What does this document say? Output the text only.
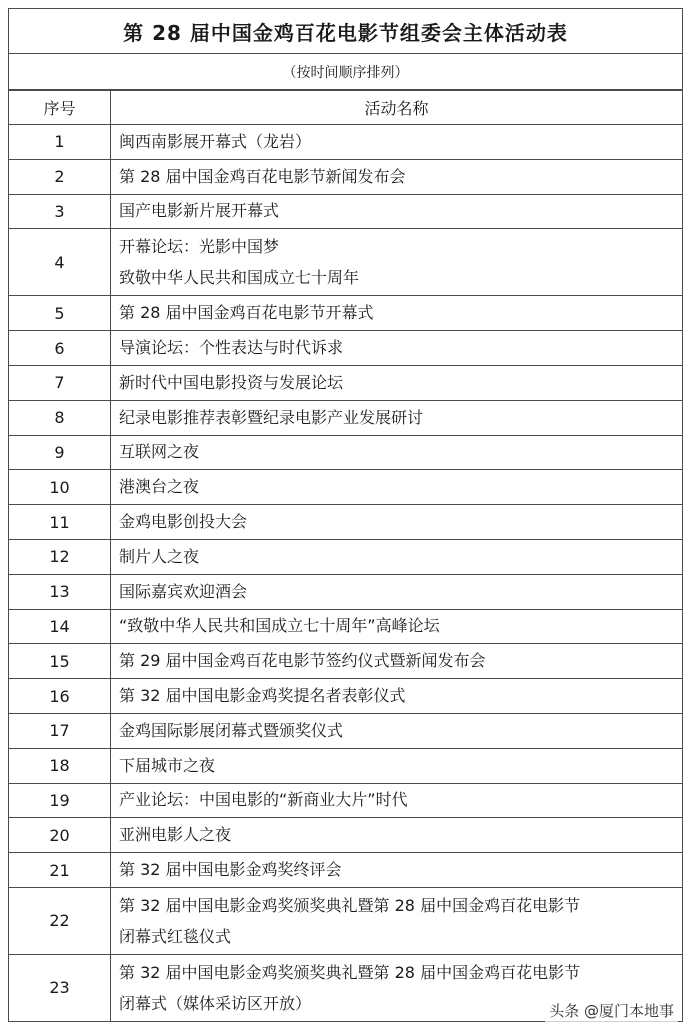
第 28 届中国金鸡百花电影节组委会主体活动表
（按时间顺序排列）
序号	活动名称
1	闽西南影展开幕式（龙岩）
2	第 28 届中国金鸡百花电影节新闻发布会
3	国产电影新片展开幕式
4	开幕论坛：光影中国梦
致敬中华人民共和国成立七十周年

5	第 28 届中国金鸡百花电影节开幕式
6	导演论坛：个性表达与时代诉求
7	新时代中国电影投资与发展论坛
8	纪录电影推荐表彰暨纪录电影产业发展研讨
9	互联网之夜
10	港澳台之夜
11	金鸡电影创投大会
12	制片人之夜
13	国际嘉宾欢迎酒会
14	“致敬中华人民共和国成立七十周年”高峰论坛
15	第 29 届中国金鸡百花电影节签约仪式暨新闻发布会
16	第 32 届中国电影金鸡奖提名者表彰仪式
17	金鸡国际影展闭幕式暨颁奖仪式
18	下届城市之夜
19	产业论坛：中国电影的“新商业大片”时代
20	亚洲电影人之夜
21	第 32 届中国电影金鸡奖终评会
22	第 32 届中国电影金鸡奖颁奖典礼暨第 28 届中国金鸡百花电影节
闭幕式红毯仪式

23	第 32 届中国电影金鸡奖颁奖典礼暨第 28 届中国金鸡百花电影节
闭幕式（媒体采访区开放）	头条 @厦门本地事
